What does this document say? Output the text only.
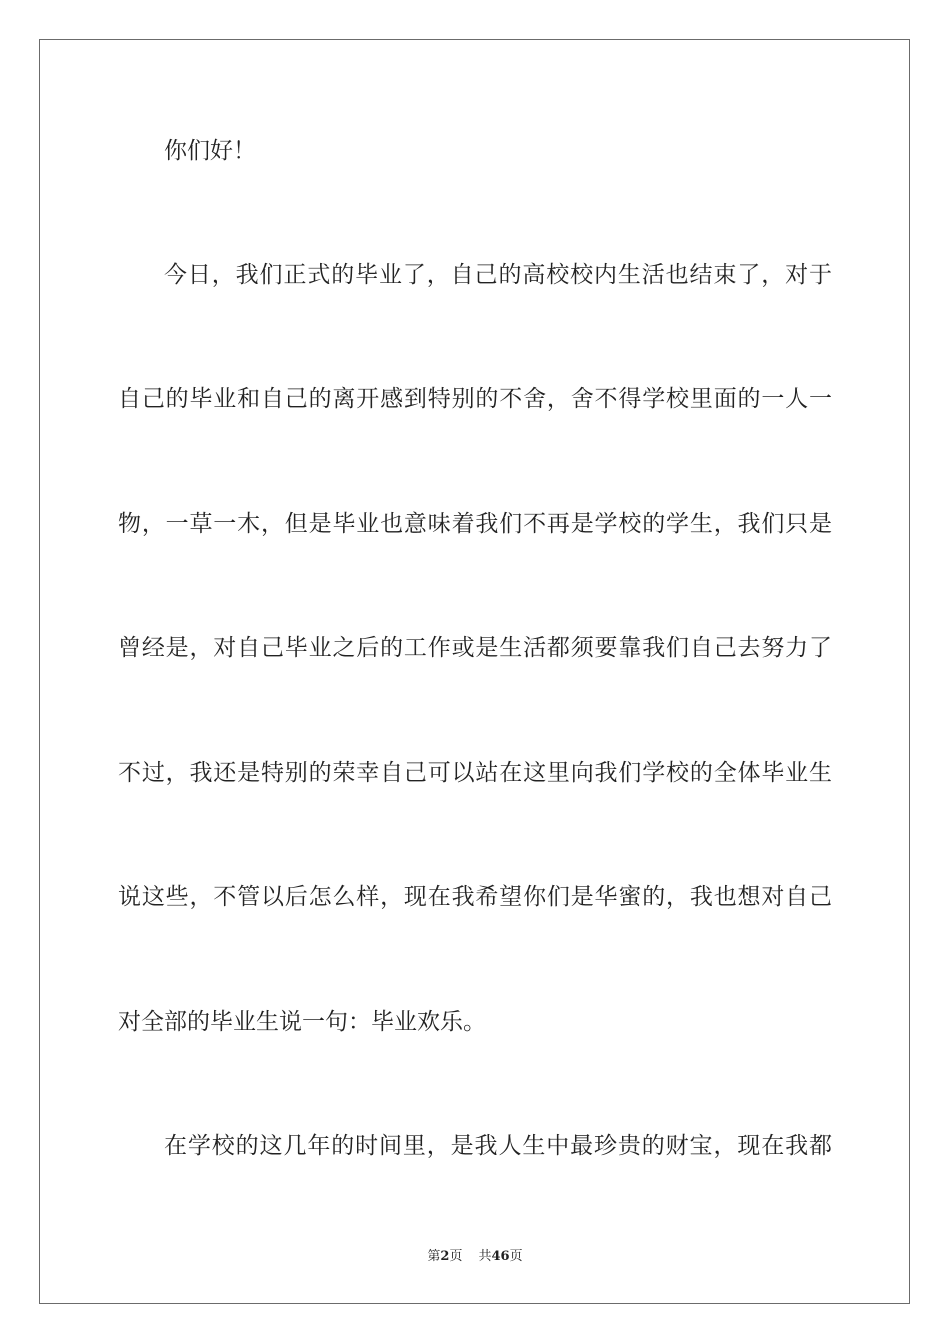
你们好！
今日，我们正式的毕业了，自己的高校校内生活也结束了，对于
自己的毕业和自己的离开感到特别的不舍，舍不得学校里面的一人一
物，一草一木，但是毕业也意味着我们不再是学校的学生，我们只是
曾经是，对自己毕业之后的工作或是生活都须要靠我们自己去努力了
不过，我还是特别的荣幸自己可以站在这里向我们学校的全体毕业生
说这些，不管以后怎么样，现在我希望你们是华蜜的，我也想对自己
对全部的毕业生说一句：毕业欢乐。
在学校的这几年的时间里，是我人生中最珍贵的财宝，现在我都
第2页 共46页
